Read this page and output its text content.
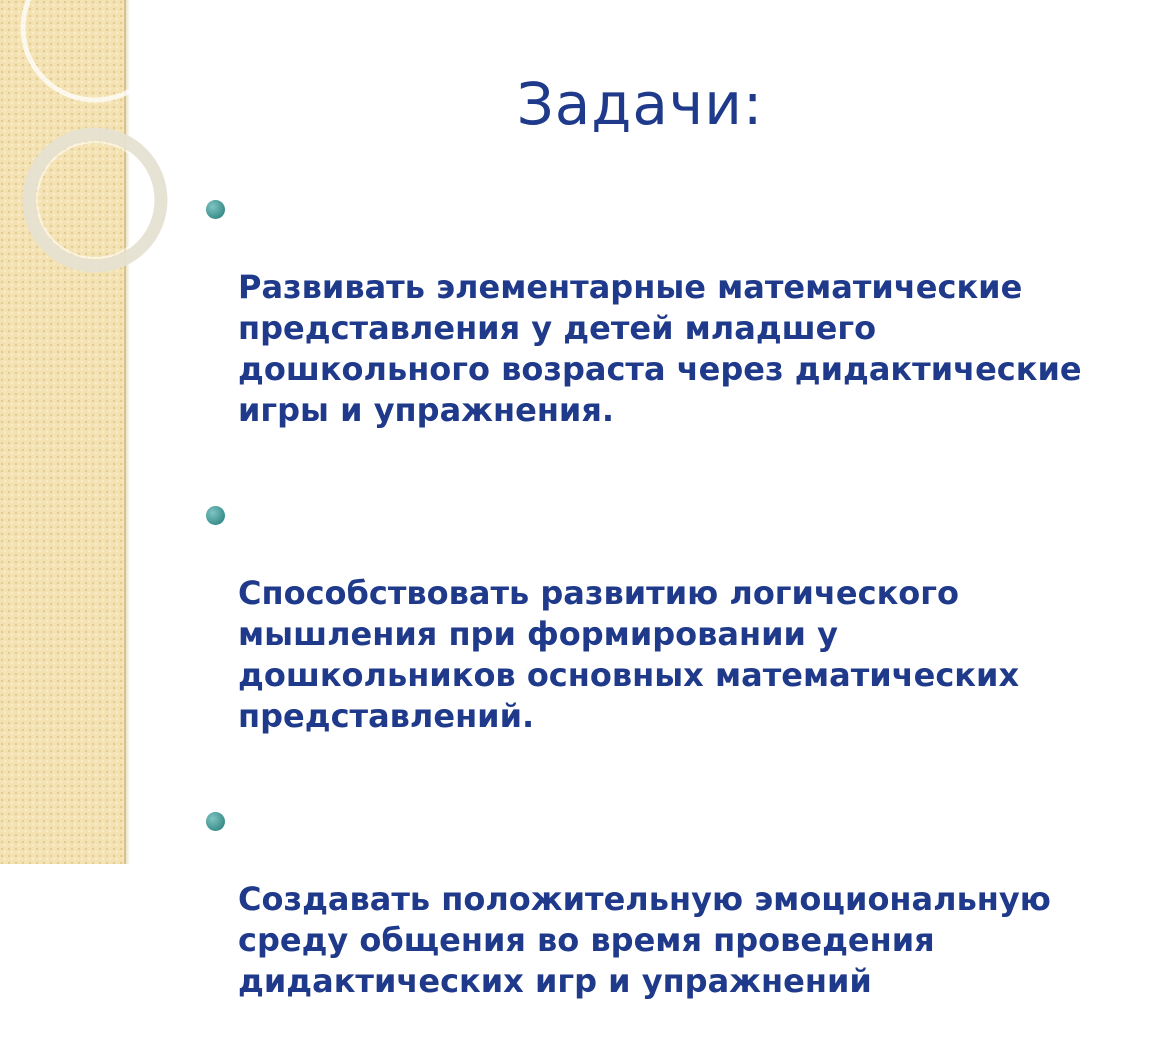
Задачи:

Развивать элементарные математические
представления у детей младшего
дошкольного возраста через дидактические
игры и упражнения.

Способствовать развитию логического
мышления при формировании у
дошкольников основных математических
представлений.

Создавать положительную эмоциональную
среду общения во время проведения
дидактических игр и упражнений
